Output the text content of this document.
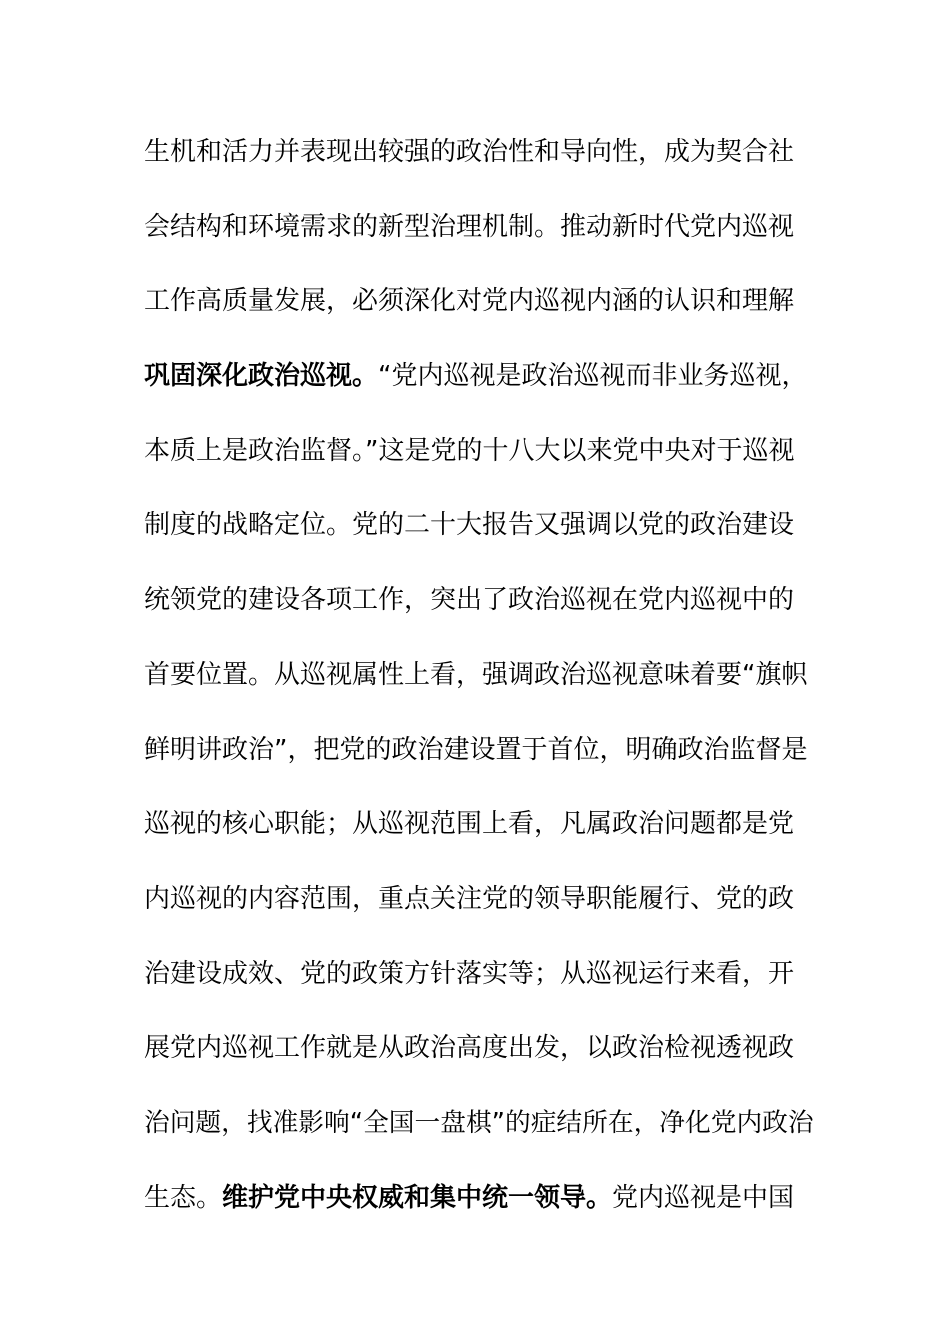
生机和活力并表现出较强的政治性和导向性，成为契合社
会结构和环境需求的新型治理机制。推动新时代党内巡视
工作高质量发展，必须深化对党内巡视内涵的认识和理解
巩固深化政治巡视。“党内巡视是政治巡视而非业务巡视，
本质上是政治监督。”这是党的十八大以来党中央对于巡视
制度的战略定位。党的二十大报告又强调以党的政治建设
统领党的建设各项工作，突出了政治巡视在党内巡视中的
首要位置。从巡视属性上看，强调政治巡视意味着要“旗帜
鲜明讲政治”，把党的政治建设置于首位，明确政治监督是
巡视的核心职能；从巡视范围上看，凡属政治问题都是党
内巡视的内容范围，重点关注党的领导职能履行、党的政
治建设成效、党的政策方针落实等；从巡视运行来看，开
展党内巡视工作就是从政治高度出发，以政治检视透视政
治问题，找准影响“全国一盘棋”的症结所在，净化党内政治
生态。维护党中央权威和集中统一领导。党内巡视是中国
